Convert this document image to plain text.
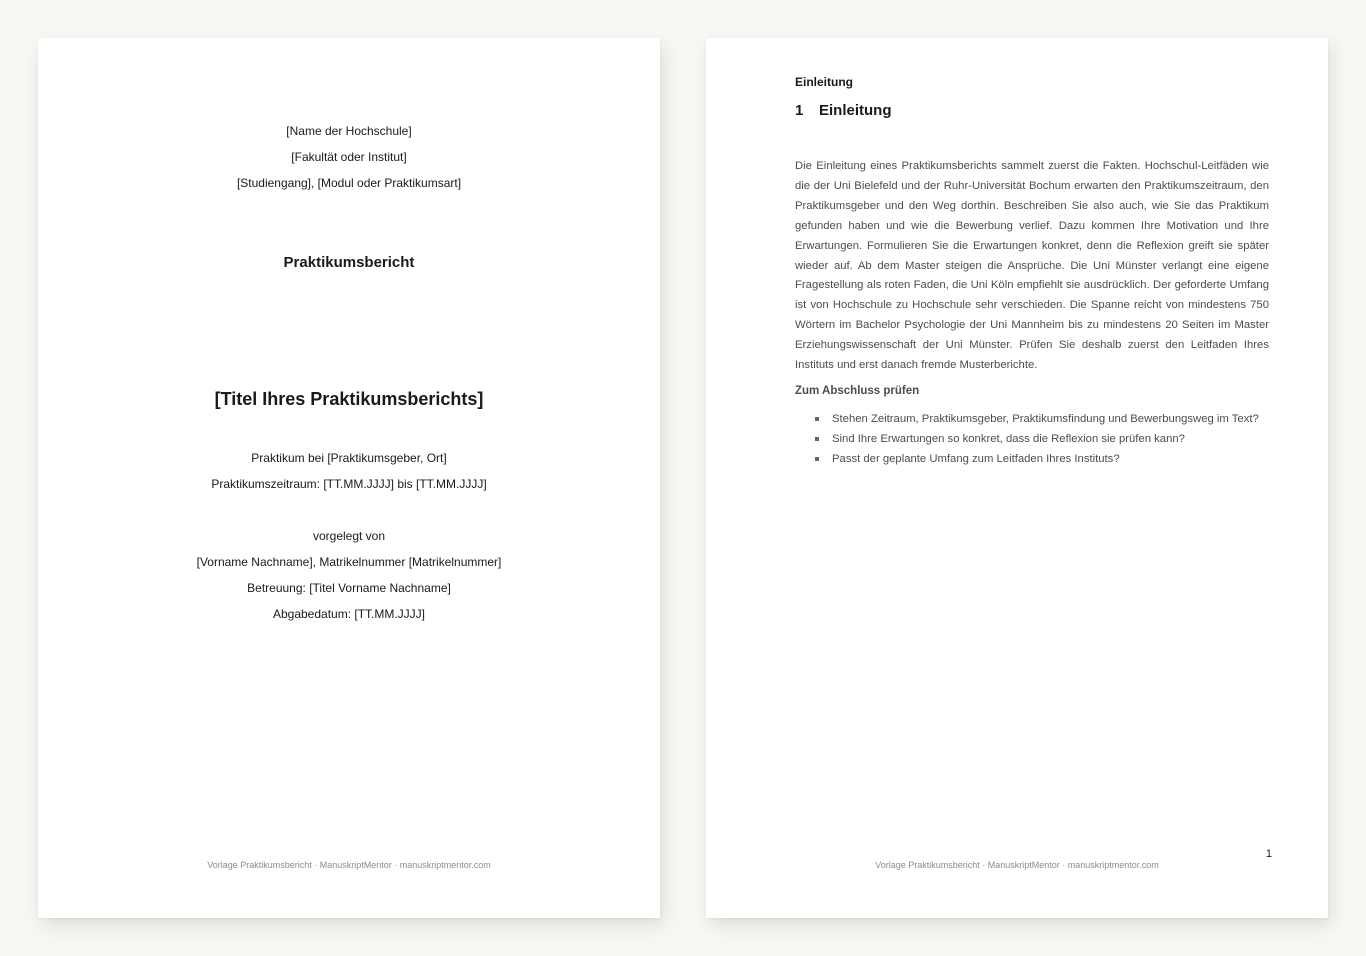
[Name der Hochschule]
[Fakultät oder Institut]
[Studiengang], [Modul oder Praktikumsart]
Praktikumsbericht
[Titel Ihres Praktikumsberichts]
Praktikum bei [Praktikumsgeber, Ort]
Praktikumszeitraum: [TT.MM.JJJJ] bis [TT.MM.JJJJ]
vorgelegt von
[Vorname Nachname], Matrikelnummer [Matrikelnummer]
Betreuung: [Titel Vorname Nachname]
Abgabedatum: [TT.MM.JJJJ]
Vorlage Praktikumsbericht · ManuskriptMentor · manuskriptmentor.com
Einleitung
1 Einleitung

Die Einleitung eines Praktikumsberichts sammelt zuerst die Fakten. Hochschul-Leitfäden wie die der Uni Bielefeld und der Ruhr-Universität Bochum erwarten den Praktikumszeitraum, den Praktikumsgeber und den Weg dorthin. Beschreiben Sie also auch, wie Sie das Praktikum gefunden haben und wie die Bewerbung verlief. Dazu kommen Ihre Motivation und Ihre Erwartungen. Formulieren Sie die Erwartungen konkret, denn die Reflexion greift sie später wieder auf. Ab dem Master steigen die Ansprüche. Die Uni Münster verlangt eine eigene Fragestellung als roten Faden, die Uni Köln empfiehlt sie ausdrücklich. Der geforderte Umfang ist von Hochschule zu Hochschule sehr verschieden. Die Spanne reicht von mindestens 750 Wörtern im Bachelor Psychologie der Uni Mannheim bis zu mindestens 20 Seiten im Master Erziehungswissenschaft der Uni Münster. Prüfen Sie deshalb zuerst den Leitfaden Ihres Instituts und erst danach fremde Musterberichte.

Zum Abschluss prüfen
Stehen Zeitraum, Praktikumsgeber, Praktikumsfindung und Bewerbungsweg im Text?
Sind Ihre Erwartungen so konkret, dass die Reflexion sie prüfen kann?
Passt der geplante Umfang zum Leitfaden Ihres Instituts?
1
Vorlage Praktikumsbericht · ManuskriptMentor · manuskriptmentor.com
